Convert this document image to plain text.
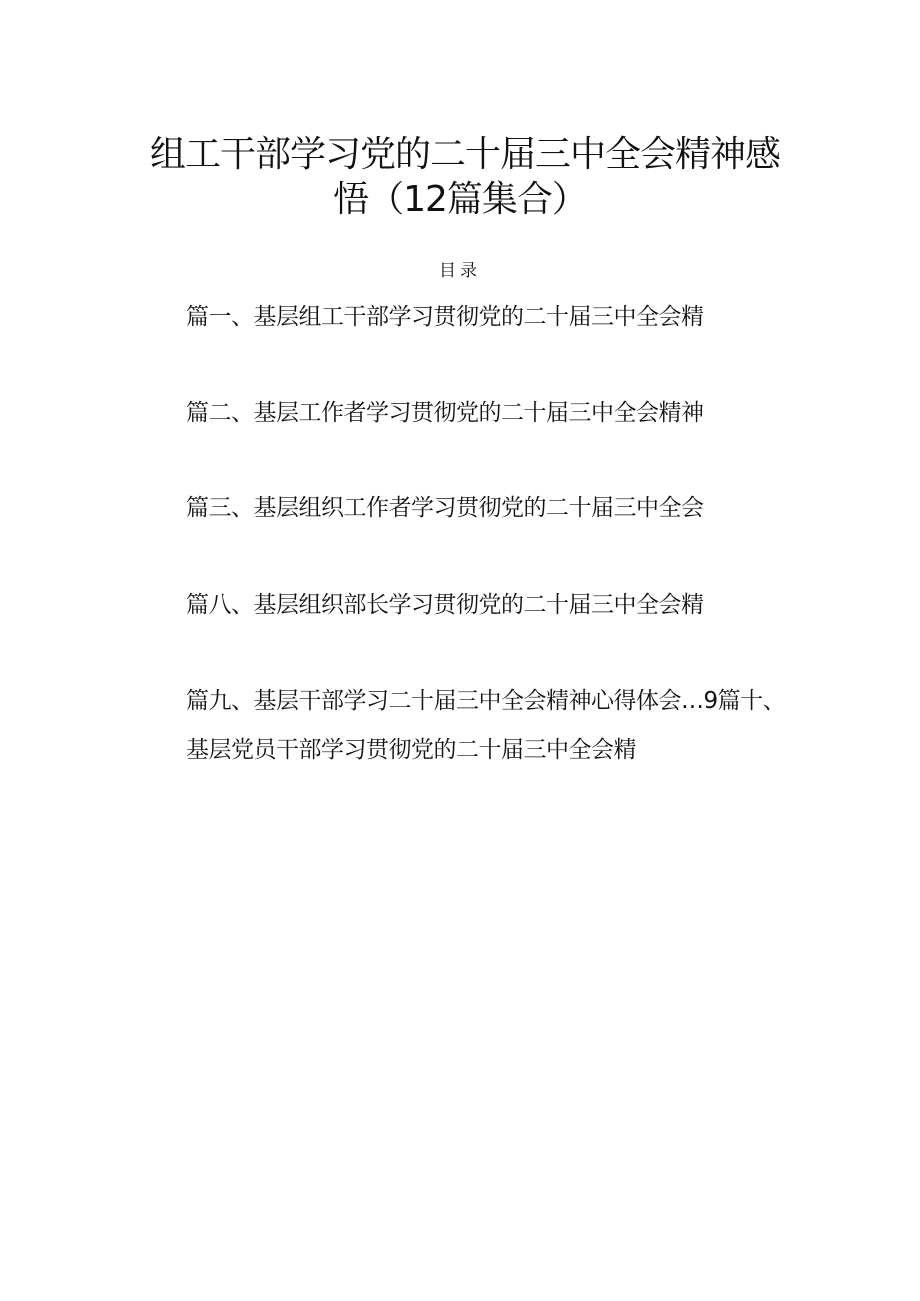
组工干部学习党的二十届三中全会精神感
悟（12篇集合）
目录
篇一、基层组工干部学习贯彻党的二十届三中全会精
篇二、基层工作者学习贯彻党的二十届三中全会精神
篇三、基层组织工作者学习贯彻党的二十届三中全会
篇八、基层组织部长学习贯彻党的二十届三中全会精
篇九、基层干部学习二十届三中全会精神心得体会…9篇十、
基层党员干部学习贯彻党的二十届三中全会精
